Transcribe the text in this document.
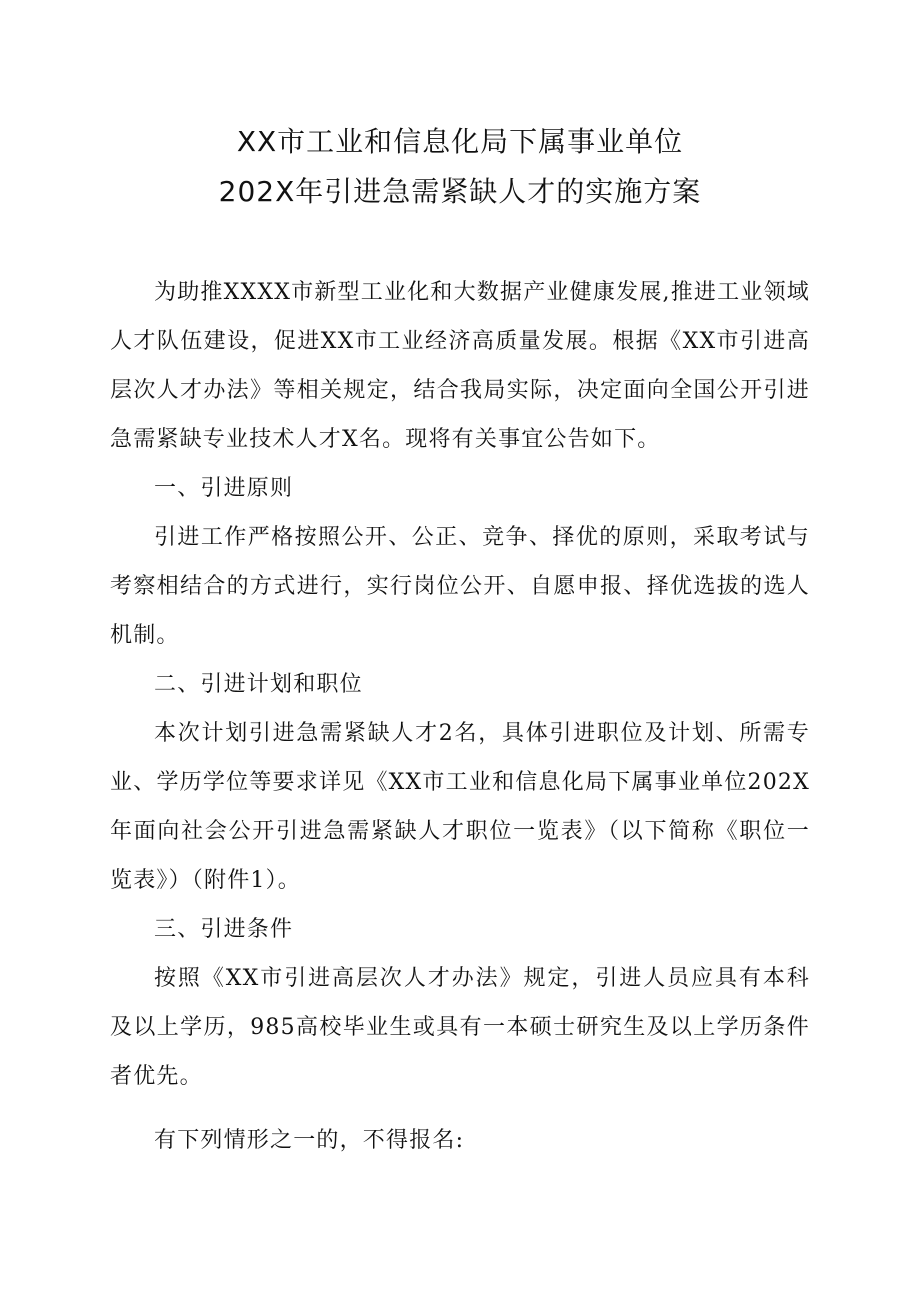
XX市工业和信息化局下属事业单位
202X年引进急需紧缺人才的实施方案

为助推XXXX市新型工业化和大数据产业健康发展,推进工业领域人才队伍建设，促进XX市工业经济高质量发展。根据《XX市引进高层次人才办法》等相关规定，结合我局实际，决定面向全国公开引进急需紧缺专业技术人才X名。现将有关事宜公告如下。

一、引进原则

引进工作严格按照公开、公正、竞争、择优的原则，采取考试与考察相结合的方式进行，实行岗位公开、自愿申报、择优选拔的选人机制。

二、引进计划和职位

本次计划引进急需紧缺人才2名，具体引进职位及计划、所需专业、学历学位等要求详见《XX市工业和信息化局下属事业单位202X年面向社会公开引进急需紧缺人才职位一览表》（以下简称《职位一览表》）（附件1）。

三、引进条件

按照《XX市引进高层次人才办法》规定，引进人员应具有本科及以上学历，985高校毕业生或具有一本硕士研究生及以上学历条件者优先。

有下列情形之一的，不得报名:
